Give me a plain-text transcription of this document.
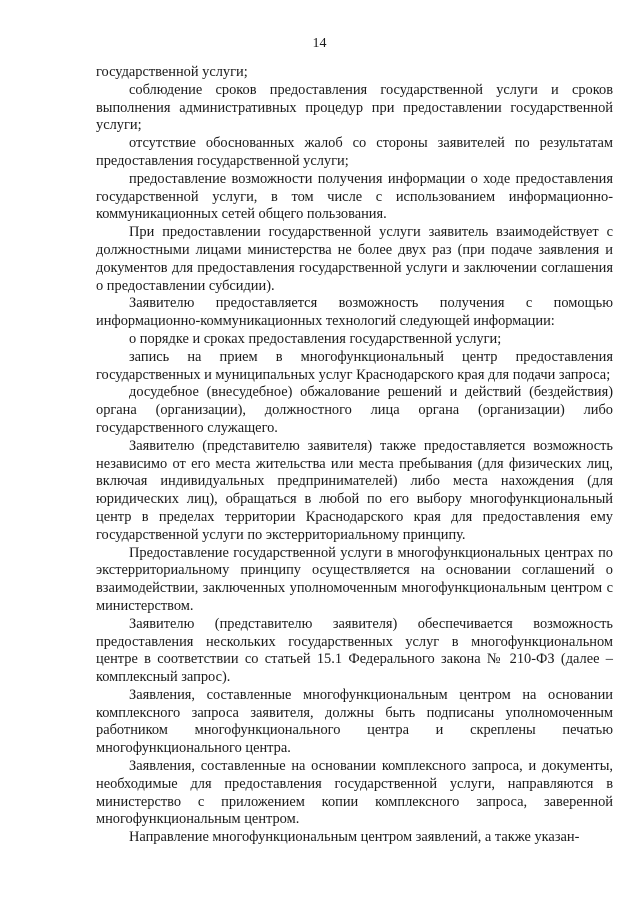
14

государственной услуги;

соблюдение сроков предоставления государственной услуги и сроков выполнения административных процедур при предоставлении государственной услуги;

отсутствие обоснованных жалоб со стороны заявителей по результатам предоставления государственной услуги;

предоставление возможности получения информации о ходе предоставления государственной услуги, в том числе с использованием информационно-коммуникационных сетей общего пользования.

При предоставлении государственной услуги заявитель взаимодействует с должностными лицами министерства не более двух раз (при подаче заявления и документов для предоставления государственной услуги и заключении соглашения о предоставлении субсидии).

Заявителю предоставляется возможность получения с помощью информационно-коммуникационных технологий следующей информации:

о порядке и сроках предоставления государственной услуги;

запись на прием в многофункциональный центр предоставления государственных и муниципальных услуг Краснодарского края для подачи запроса;

досудебное (внесудебное) обжалование решений и действий (бездействия) органа (организации), должностного лица органа (организации) либо государственного служащего.

Заявителю (представителю заявителя) также предоставляется возможность независимо от его места жительства или места пребывания (для физических лиц, включая индивидуальных предпринимателей) либо места нахождения (для юридических лиц), обращаться в любой по его выбору многофункциональный центр в пределах территории Краснодарского края для предоставления ему государственной услуги по экстерриториальному принципу.

Предоставление государственной услуги в многофункциональных центрах по экстерриториальному принципу осуществляется на основании соглашений о взаимодействии, заключенных уполномоченным многофункциональным центром с министерством.

Заявителю (представителю заявителя) обеспечивается возможность предоставления нескольких государственных услуг в многофункциональном центре в соответствии со статьей 15.1 Федерального закона № 210-ФЗ (далее – комплексный запрос).

Заявления, составленные многофункциональным центром на основании комплексного запроса заявителя, должны быть подписаны уполномоченным работником многофункционального центра и скреплены печатью многофункционального центра.

Заявления, составленные на основании комплексного запроса, и документы, необходимые для предоставления государственной услуги, направляются в министерство с приложением копии комплексного запроса, заверенной многофункциональным центром.

Направление многофункциональным центром заявлений, а также указан-
